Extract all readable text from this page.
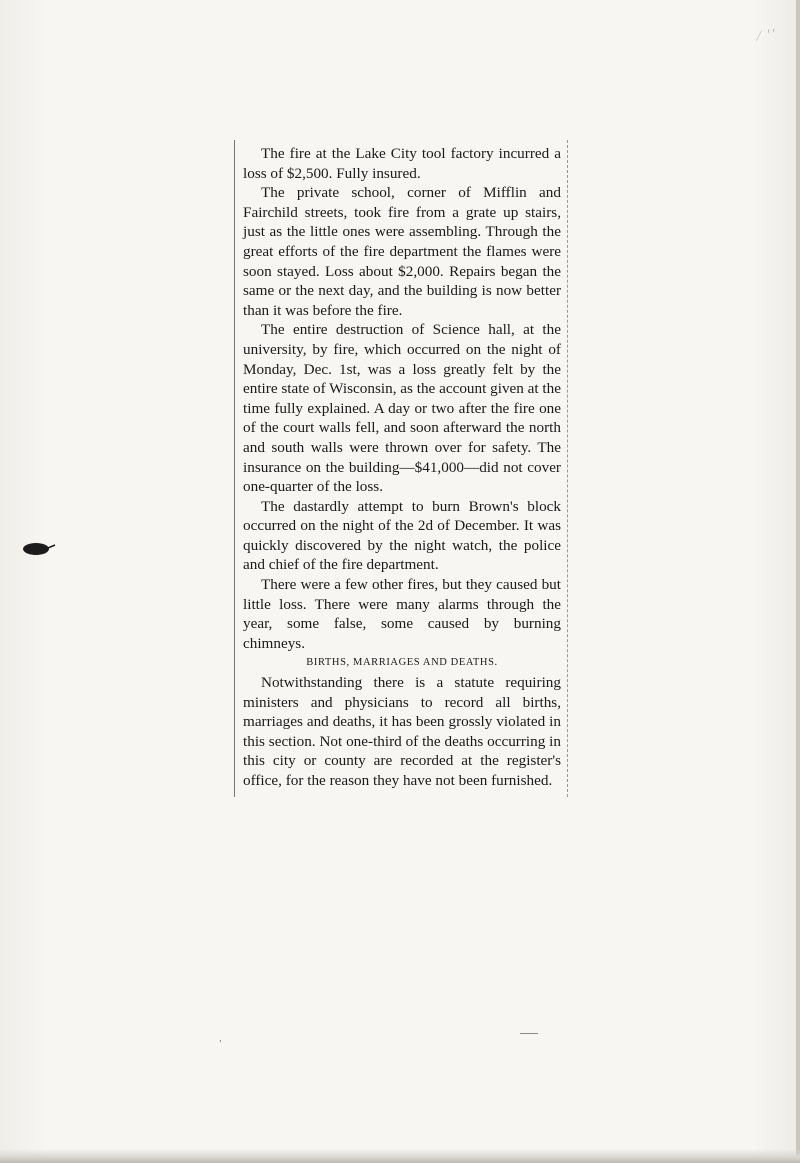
⁄ ′′

The fire at the Lake City tool factory incurred a loss of $2,500. Fully insured.

The private school, corner of Mifflin and Fairchild streets, took fire from a grate up stairs, just as the little ones were assembling. Through the great efforts of the fire department the flames were soon stayed. Loss about $2,000. Repairs began the same or the next day, and the building is now better than it was before the fire.

The entire destruction of Science hall, at the university, by fire, which occurred on the night of Monday, Dec. 1st, was a loss greatly felt by the entire state of Wisconsin, as the account given at the time fully explained. A day or two after the fire one of the court walls fell, and soon afterward the north and south walls were thrown over for safety. The insurance on the building—$41,000—did not cover one-quarter of the loss.

The dastardly attempt to burn Brown's block occurred on the night of the 2d of December. It was quickly discovered by the night watch, the police and chief of the fire department.

There were a few other fires, but they caused but little loss. There were many alarms through the year, some false, some caused by burning chimneys.

BIRTHS, MARRIAGES AND DEATHS.

Notwithstanding there is a statute requiring ministers and physicians to record all births, marriages and deaths, it has been grossly violated in this section. Not one-third of the deaths occurring in this city or county are recorded at the register's office, for the reason they have not been furnished.

,
